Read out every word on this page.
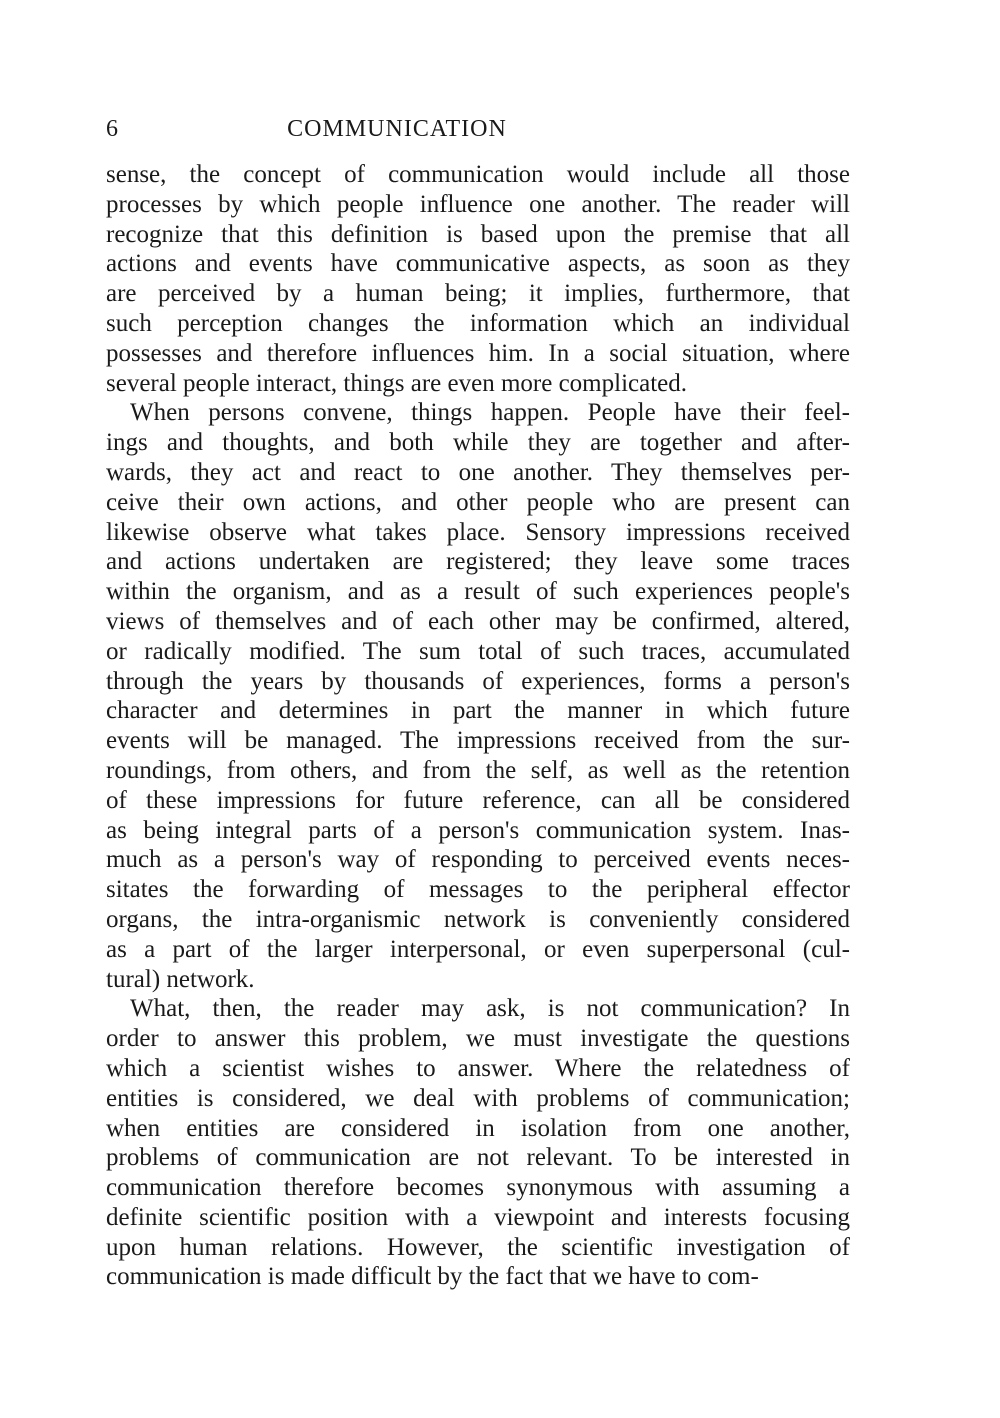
6	COMMUNICATION
sense, the concept of communication would include all those
processes by which people influence one another. The reader will
recognize that this definition is based upon the premise that all
actions and events have communicative aspects, as soon as they
are perceived by a human being; it implies, furthermore, that
such perception changes the information which an individual
possesses and therefore influences him. In a social situation, where
several people interact, things are even more complicated.
When persons convene, things happen. People have their feel-
ings and thoughts, and both while they are together and after-
wards, they act and react to one another. They themselves per-
ceive their own actions, and other people who are present can
likewise observe what takes place. Sensory impressions received
and actions undertaken are registered; they leave some traces
within the organism, and as a result of such experiences people's
views of themselves and of each other may be confirmed, altered,
or radically modified. The sum total of such traces, accumulated
through the years by thousands of experiences, forms a person's
character and determines in part the manner in which future
events will be managed. The impressions received from the sur-
roundings, from others, and from the self, as well as the retention
of these impressions for future reference, can all be considered
as being integral parts of a person's communication system. Inas-
much as a person's way of responding to perceived events neces-
sitates the forwarding of messages to the peripheral effector
organs, the intra-organismic network is conveniently considered
as a part of the larger interpersonal, or even superpersonal (cul-
tural) network.
What, then, the reader may ask, is not communication? In
order to answer this problem, we must investigate the questions
which a scientist wishes to answer. Where the relatedness of
entities is considered, we deal with problems of communication;
when entities are considered in isolation from one another,
problems of communication are not relevant. To be interested in
communication therefore becomes synonymous with assuming a
definite scientific position with a viewpoint and interests focusing
upon human relations. However, the scientific investigation of
communication is made difficult by the fact that we have to com-
